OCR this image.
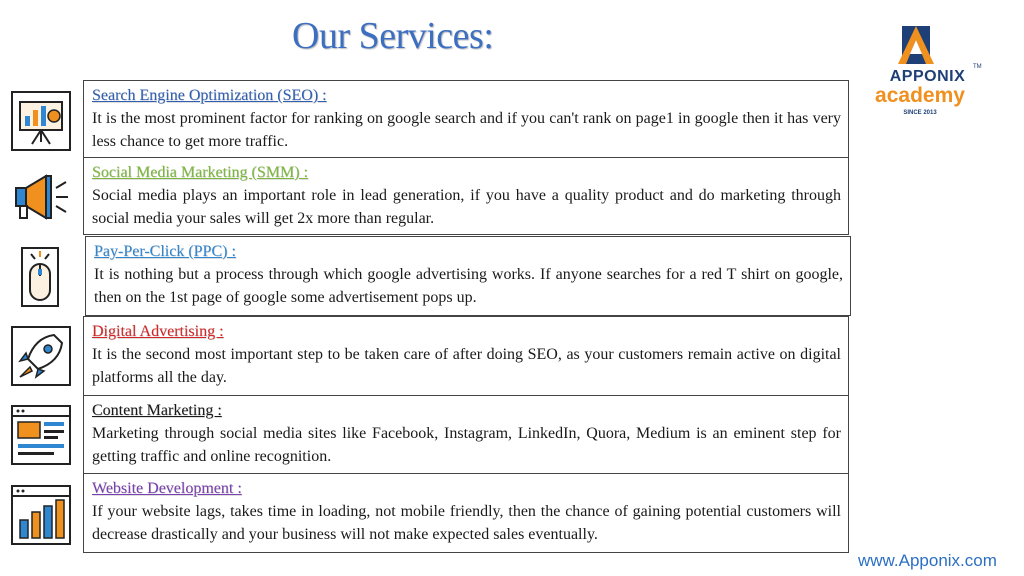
Our Services:
APPONIX
TM
academy
SINCE 2013
Search Engine Optimization (SEO) :
It is the most prominent factor for ranking on google search and if you can't rank on page1 in google then it has very less chance to get more traffic.
Social Media Marketing (SMM) :
Social media plays an important role in lead generation, if you have a quality product and do marketing through social media your sales will get 2x more than regular.
Pay-Per-Click (PPC) :
It is nothing but a process through which google advertising works. If anyone searches for a red T shirt on google, then on the 1st page of google some advertisement pops up.
Digital Advertising :
It is the second most important step to be taken care of after doing SEO, as your customers remain active on digital platforms all the day.
Content Marketing :
Marketing through social media sites like Facebook, Instagram, LinkedIn, Quora, Medium is an eminent step for getting traffic and online recognition.
Website Development :
If your website lags, takes time in loading, not mobile friendly, then the chance of gaining potential customers will decrease drastically and your business will not make expected sales eventually.
www.Apponix.com
